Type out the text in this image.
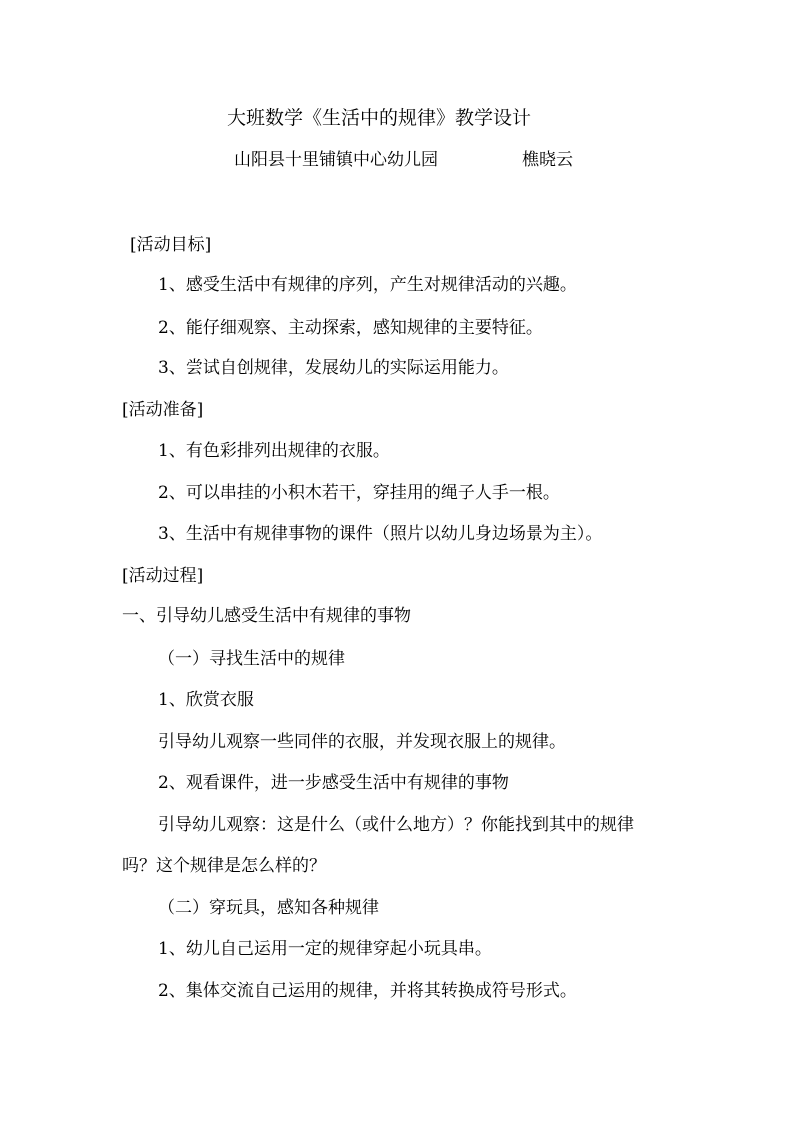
大班数学《生活中的规律》教学设计
山阳县十里铺镇中心幼儿园	樵晓云
[活动目标]
1、感受生活中有规律的序列，产生对规律活动的兴趣。
2、能仔细观察、主动探索，感知规律的主要特征。
3、尝试自创规律，发展幼儿的实际运用能力。
[活动准备]
1、有色彩排列出规律的衣服。
2、可以串挂的小积木若干，穿挂用的绳子人手一根。
3、生活中有规律事物的课件（照片以幼儿身边场景为主）。
[活动过程]
一、引导幼儿感受生活中有规律的事物
（一）寻找生活中的规律
1、欣赏衣服
引导幼儿观察一些同伴的衣服，并发现衣服上的规律。
2、观看课件，进一步感受生活中有规律的事物
引导幼儿观察：这是什么（或什么地方）？你能找到其中的规律
吗？这个规律是怎么样的？
（二）穿玩具，感知各种规律
1、幼儿自己运用一定的规律穿起小玩具串。
2、集体交流自己运用的规律，并将其转换成符号形式。
